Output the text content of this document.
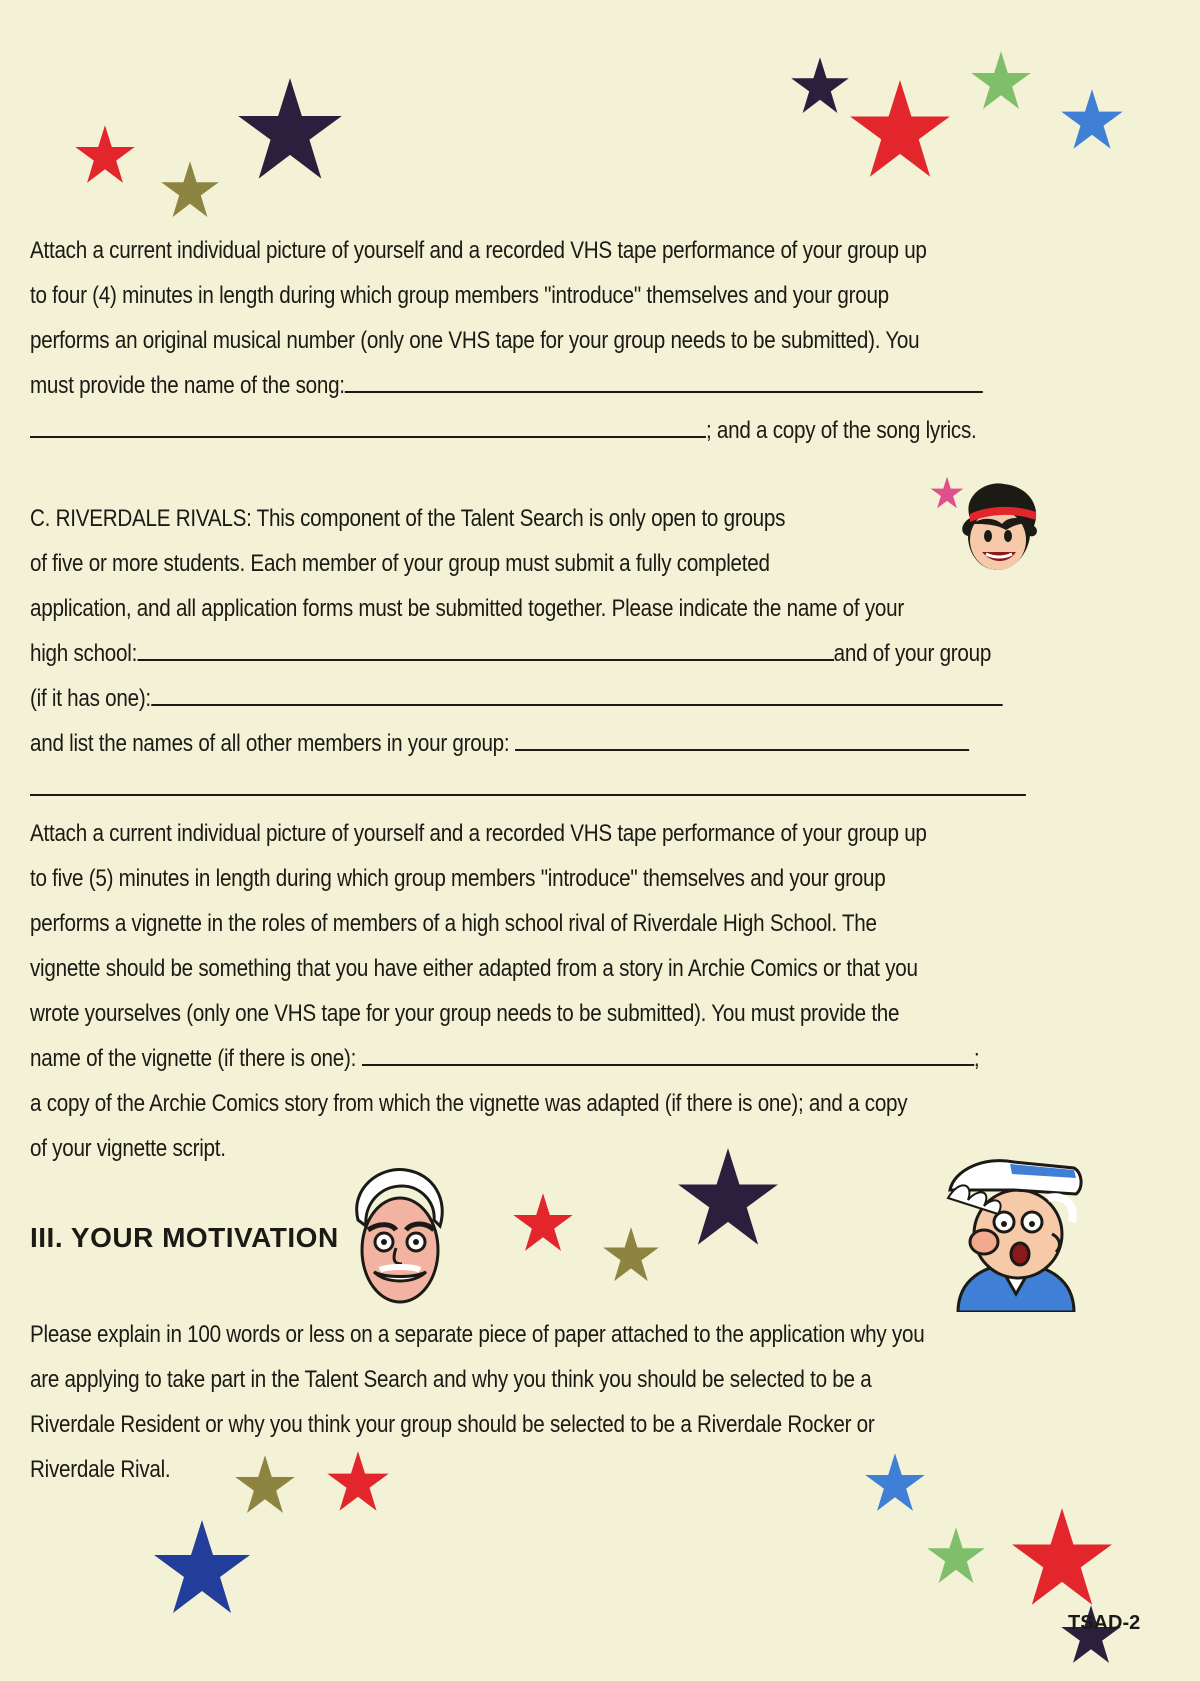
Attach a current individual picture of yourself and a recorded VHS tape performance of your group up
to four (4) minutes in length during which group members "introduce" themselves and your group
performs an original musical number (only one VHS tape for your group needs to be submitted). You
must provide the name of the song:
; and a copy of the song lyrics.
C. RIVERDALE RIVALS: This component of the Talent Search is only open to groups
of five or more students. Each member of your group must submit a fully completed
application, and all application forms must be submitted together. Please indicate the name of your
high school:	and of your group
(if it has one):
and list the names of all other members in your group:
Attach a current individual picture of yourself and a recorded VHS tape performance of your group up
to five (5) minutes in length during which group members "introduce" themselves and your group
performs a vignette in the roles of members of a high school rival of Riverdale High School. The
vignette should be something that you have either adapted from a story in Archie Comics or that you
wrote yourselves (only one VHS tape for your group needs to be submitted). You must provide the
name of the vignette (if there is one):	;
a copy of the Archie Comics story from which the vignette was adapted (if there is one); and a copy
of your vignette script.
III. YOUR MOTIVATION
Please explain in 100 words or less on a separate piece of paper attached to the application why you
are applying to take part in the Talent Search and why you think you should be selected to be a
Riverdale Resident or why you think your group should be selected to be a Riverdale Rocker or
Riverdale Rival.
TSAD-2
